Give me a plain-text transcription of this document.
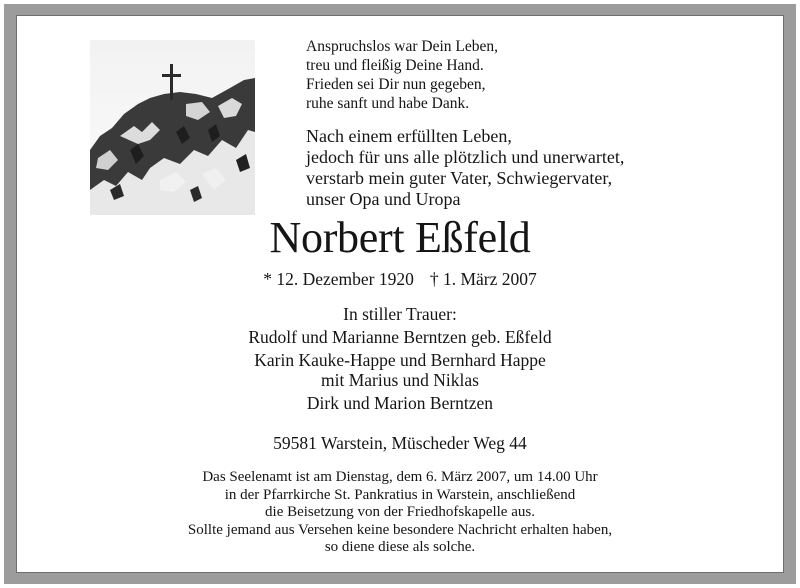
Anspruchslos war Dein Leben,
treu und fleißig Deine Hand.
Frieden sei Dir nun gegeben,
ruhe sanft und habe Dank.
Nach einem erfüllten Leben,
jedoch für uns alle plötzlich und unerwartet,
verstarb mein guter Vater, Schwiegervater,
unser Opa und Uropa
Norbert Eßfeld
* 12. Dezember 1920 † 1. März 2007
In stiller Trauer:
Rudolf und Marianne Berntzen geb. Eßfeld
Karin Kauke-Happe und Bernhard Happe
mit Marius und Niklas
Dirk und Marion Berntzen
59581 Warstein, Müscheder Weg 44
Das Seelenamt ist am Dienstag, dem 6. März 2007, um 14.00 Uhr
in der Pfarrkirche St. Pankratius in Warstein, anschließend
die Beisetzung von der Friedhofskapelle aus.
Sollte jemand aus Versehen keine besondere Nachricht erhalten haben,
so diene diese als solche.
